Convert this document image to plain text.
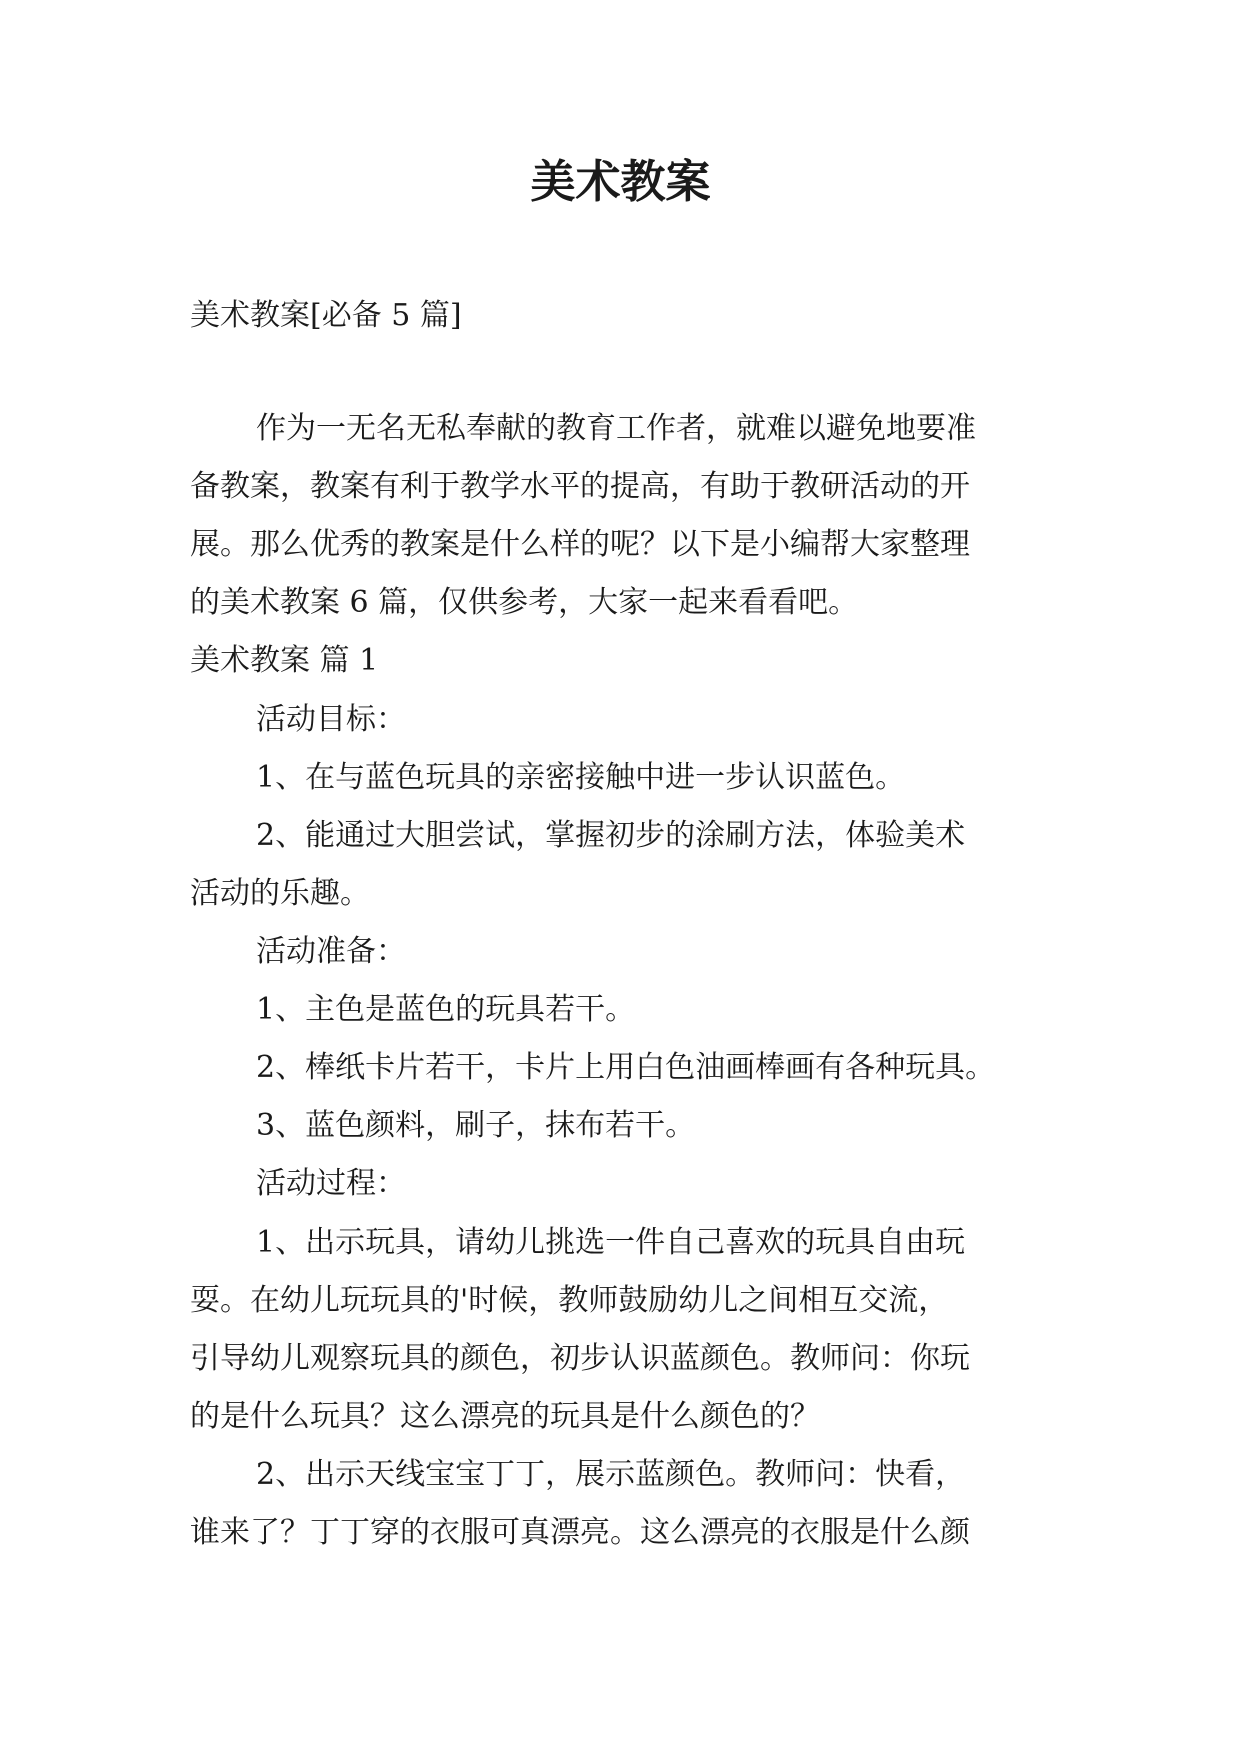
美术教案

美术教案[必备 5 篇]

作为一无名无私奉献的教育工作者，就难以避免地要准

备教案，教案有利于教学水平的提高，有助于教研活动的开

展。那么优秀的教案是什么样的呢？以下是小编帮大家整理

的美术教案 6 篇，仅供参考，大家一起来看看吧。

美术教案 篇 1

活动目标：

1、在与蓝色玩具的亲密接触中进一步认识蓝色。

2、能通过大胆尝试，掌握初步的涂刷方法，体验美术

活动的乐趣。

活动准备：

1、主色是蓝色的玩具若干。

2、棒纸卡片若干，卡片上用白色油画棒画有各种玩具。

3、蓝色颜料，刷子，抹布若干。

活动过程：

1、出示玩具，请幼儿挑选一件自己喜欢的玩具自由玩

耍。在幼儿玩玩具的'时候，教师鼓励幼儿之间相互交流，

引导幼儿观察玩具的颜色，初步认识蓝颜色。教师问：你玩

的是什么玩具？这么漂亮的玩具是什么颜色的？

2、出示天线宝宝丁丁，展示蓝颜色。教师问：快看，

谁来了？丁丁穿的衣服可真漂亮。这么漂亮的衣服是什么颜
